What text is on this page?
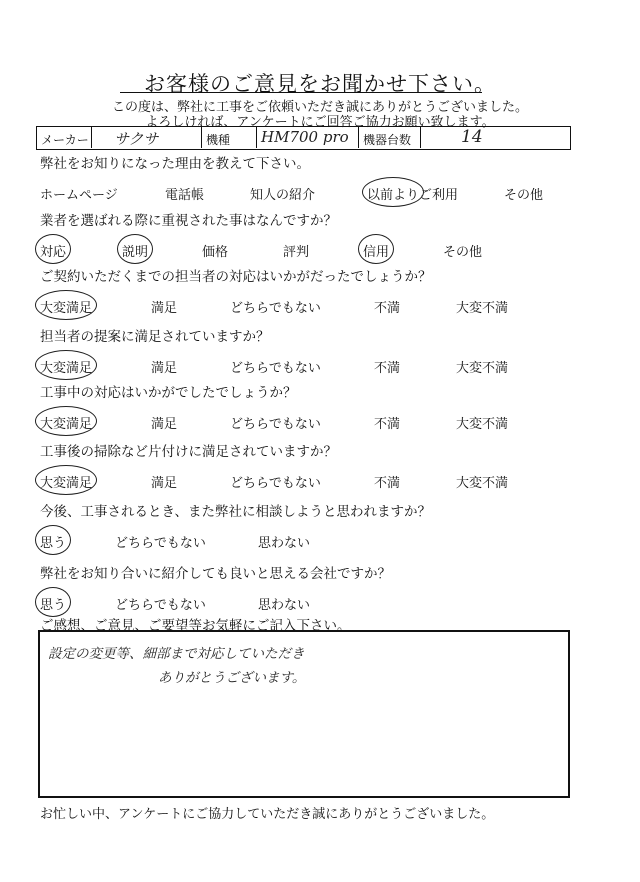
お客様のご意見をお聞かせ下さい。
この度は、弊社に工事をご依頼いただき誠にありがとうございました。
よろしければ、アンケートにご回答ご協力お願い致します。
メーカー サクサ	機種 HM700 pro 機器台数	14
弊社をお知りになった理由を教えて下さい。
ホームページ	電話帳	知人の紹介	以前よりご利用	その他
業者を選ばれる際に重視された事はなんですか？
対応	説明	価格	評判	信用	その他
ご契約いただくまでの担当者の対応はいかがだったでしょうか？
大変満足	満足	どちらでもない	不満	大変不満
担当者の提案に満足されていますか？
大変満足	満足	どちらでもない	不満	大変不満
工事中の対応はいかがでしたでしょうか？
大変満足	満足	どちらでもない	不満	大変不満
工事後の掃除など片付けに満足されていますか？
大変満足	満足	どちらでもない	不満	大変不満
今後、工事されるとき、また弊社に相談しようと思われますか？
思う	どちらでもない	思わない
弊社をお知り合いに紹介しても良いと思える会社ですか？
思う	どちらでもない	思わない
ご感想、ご意見、ご要望等お気軽にご記入下さい。
設定の変更等、細部まで対応していただき
ありがとうございます。
お忙しい中、アンケートにご協力していただき誠にありがとうございました。
